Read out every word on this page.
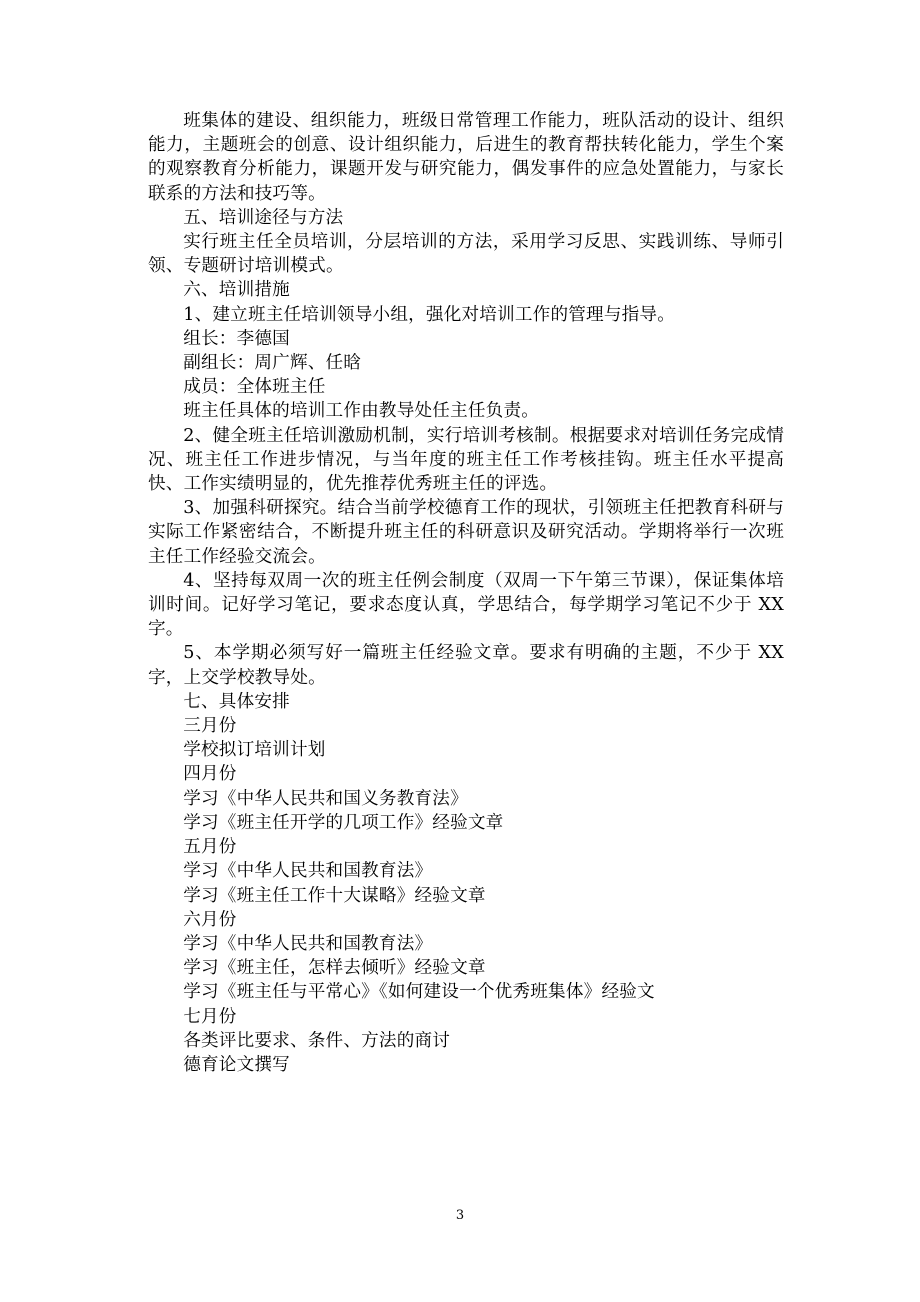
班集体的建设、组织能力，班级日常管理工作能力，班队活动的设计、组织能力，主题班会的创意、设计组织能力，后进生的教育帮扶转化能力，学生个案的观察教育分析能力，课题开发与研究能力，偶发事件的应急处置能力，与家长联系的方法和技巧等。

五、培训途径与方法

实行班主任全员培训，分层培训的方法，采用学习反思、实践训练、导师引领、专题研讨培训模式。

六、培训措施

1、建立班主任培训领导小组，强化对培训工作的管理与指导。

组长：李德国

副组长：周广辉、任晗

成员：全体班主任

班主任具体的培训工作由教导处任主任负责。

2、健全班主任培训激励机制，实行培训考核制。根据要求对培训任务完成情况、班主任工作进步情况，与当年度的班主任工作考核挂钩。班主任水平提高快、工作实绩明显的，优先推荐优秀班主任的评选。

3、加强科研探究。结合当前学校德育工作的现状，引领班主任把教育科研与实际工作紧密结合，不断提升班主任的科研意识及研究活动。学期将举行一次班主任工作经验交流会。

4、坚持每双周一次的班主任例会制度（双周一下午第三节课），保证集体培训时间。记好学习笔记，要求态度认真，学思结合，每学期学习笔记不少于 XX 字。

5、本学期必须写好一篇班主任经验文章。要求有明确的主题，不少于 XX 字，上交学校教导处。

七、具体安排

三月份

学校拟订培训计划

四月份

学习《中华人民共和国义务教育法》

学习《班主任开学的几项工作》经验文章

五月份

学习《中华人民共和国教育法》

学习《班主任工作十大谋略》经验文章

六月份

学习《中华人民共和国教育法》

学习《班主任，怎样去倾听》经验文章

学习《班主任与平常心》《如何建设一个优秀班集体》经验文

七月份

各类评比要求、条件、方法的商讨

德育论文撰写

3
